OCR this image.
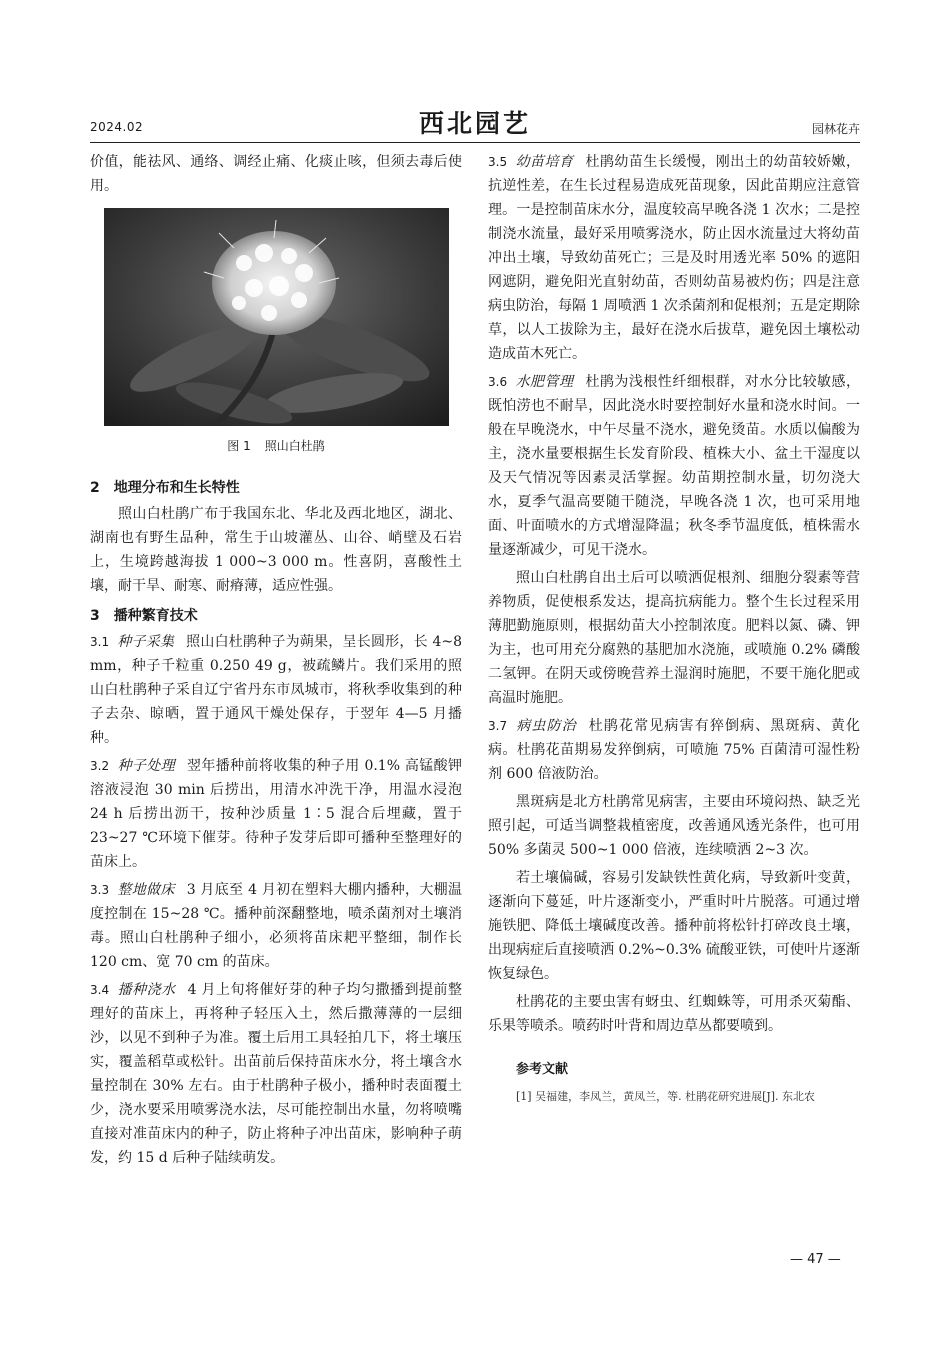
2024.02	西北园艺	园林花卉

价值，能祛风、通络、调经止痛、化痰止咳，但须去毒后使用。

图 1 照山白杜鹃
2 地理分布和生长特性

照山白杜鹃广布于我国东北、华北及西北地区，湖北、湖南也有野生品种，常生于山坡灌丛、山谷、峭壁及石岩上，生境跨越海拔 1 000~3 000 m。性喜阴，喜酸性土壤，耐干旱、耐寒、耐瘠薄，适应性强。

3 播种繁育技术

3.1 种子采集 照山白杜鹃种子为蒴果，呈长圆形，长 4~8 mm，种子千粒重 0.250 49 g，被疏鳞片。我们采用的照山白杜鹃种子采自辽宁省丹东市凤城市，将秋季收集到的种子去杂、晾晒，置于通风干燥处保存，于翌年 4—5 月播种。

3.2 种子处理 翌年播种前将收集的种子用 0.1% 高锰酸钾溶液浸泡 30 min 后捞出，用清水冲洗干净，用温水浸泡 24 h 后捞出沥干，按种沙质量 1∶5 混合后埋藏，置于 23~27 ℃环境下催芽。待种子发芽后即可播种至整理好的苗床上。

3.3 整地做床 3 月底至 4 月初在塑料大棚内播种，大棚温度控制在 15~28 ℃。播种前深翻整地，喷杀菌剂对土壤消毒。照山白杜鹃种子细小，必须将苗床耙平整细，制作长 120 cm、宽 70 cm 的苗床。

3.4 播种浇水 4 月上旬将催好芽的种子均匀撒播到提前整理好的苗床上，再将种子轻压入土，然后撒薄薄的一层细沙，以见不到种子为准。覆土后用工具轻拍几下，将土壤压实，覆盖稻草或松针。出苗前后保持苗床水分，将土壤含水量控制在 30% 左右。由于杜鹃种子极小，播种时表面覆土少，浇水要采用喷雾浇水法，尽可能控制出水量，勿将喷嘴直接对准苗床内的种子，防止将种子冲出苗床，影响种子萌发，约 15 d 后种子陆续萌发。

3.5 幼苗培育 杜鹃幼苗生长缓慢，刚出土的幼苗较娇嫩，抗逆性差，在生长过程易造成死苗现象，因此苗期应注意管理。一是控制苗床水分，温度较高早晚各浇 1 次水；二是控制浇水流量，最好采用喷雾浇水，防止因水流量过大将幼苗冲出土壤，导致幼苗死亡；三是及时用透光率 50% 的遮阳网遮阴，避免阳光直射幼苗，否则幼苗易被灼伤；四是注意病虫防治，每隔 1 周喷洒 1 次杀菌剂和促根剂；五是定期除草，以人工拔除为主，最好在浇水后拔草，避免因土壤松动造成苗木死亡。

3.6 水肥管理 杜鹃为浅根性纤细根群，对水分比较敏感，既怕涝也不耐旱，因此浇水时要控制好水量和浇水时间。一般在早晚浇水，中午尽量不浇水，避免烫苗。水质以偏酸为主，浇水量要根据生长发育阶段、植株大小、盆土干湿度以及天气情况等因素灵活掌握。幼苗期控制水量，切勿浇大水，夏季气温高要随干随浇，早晚各浇 1 次，也可采用地面、叶面喷水的方式增湿降温；秋冬季节温度低，植株需水量逐渐减少，可见干浇水。

照山白杜鹃自出土后可以喷洒促根剂、细胞分裂素等营养物质，促使根系发达，提高抗病能力。整个生长过程采用薄肥勤施原则，根据幼苗大小控制浓度。肥料以氮、磷、钾为主，也可用充分腐熟的基肥加水浇施，或喷施 0.2% 磷酸二氢钾。在阴天或傍晚营养土湿润时施肥，不要干施化肥或高温时施肥。

3.7 病虫防治 杜鹃花常见病害有猝倒病、黑斑病、黄化病。杜鹃花苗期易发猝倒病，可喷施 75% 百菌清可湿性粉剂 600 倍液防治。

黑斑病是北方杜鹃常见病害，主要由环境闷热、缺乏光照引起，可适当调整栽植密度，改善通风透光条件，也可用 50% 多菌灵 500~1 000 倍液，连续喷洒 2~3 次。

若土壤偏碱，容易引发缺铁性黄化病，导致新叶变黄，逐渐向下蔓延，叶片逐渐变小，严重时叶片脱落。可通过增施铁肥、降低土壤碱度改善。播种前将松针打碎改良土壤，出现病症后直接喷洒 0.2%~0.3% 硫酸亚铁，可使叶片逐渐恢复绿色。

杜鹃花的主要虫害有蚜虫、红蜘蛛等，可用杀灭菊酯、乐果等喷杀。喷药时叶背和周边草丛都要喷到。

参考文献
[1] 吴福建，李凤兰，黄凤兰，等. 杜鹃花研究进展[J]. 东北农
— 47 —
